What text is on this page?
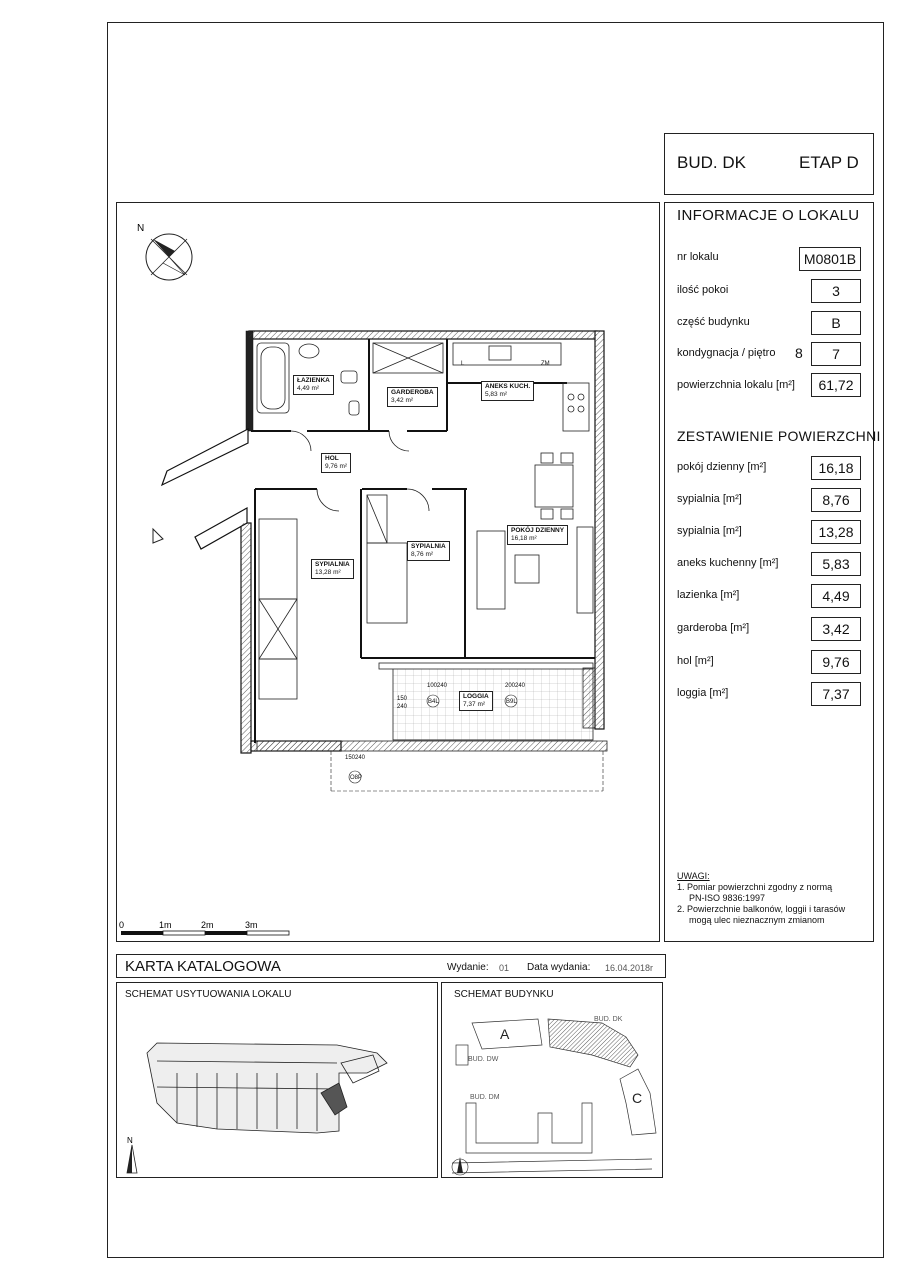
BUD. DK	ETAP D
N
B4L	B9L
O8P
150
240
100 240	200 240
150 240
L	ZM
0	1m	2m	3m
ŁAZIENKA
4,49 m²
GARDEROBA
3,42 m²
ANEKS KUCH.
5,83 m²
HOL
9,76 m²
POKÓJ DZIENNY
16,18 m²
SYPIALNIA
13,28 m²
SYPIALNIA
8,76 m²
LOGGIA
7,37 m²
INFORMACJE O LOKALU
nr lokalu	M0801B
ilość pokoi	3
część budynku	B
kondygnacja / piętro 8	7
powierzchnia lokalu [m²]	61,72
ZESTAWIENIE POWIERZCHNI
pokój dzienny [m²]	16,18
sypialnia [m²]	8,76
sypialnia [m²]	13,28
aneks kuchenny [m²]	5,83
lazienka [m²]	4,49
garderoba [m²]	3,42
hol [m²]	9,76
loggia [m²]	7,37
UWAGI:
1. Pomiar powierzchni zgodny z normą
PN-ISO 9836:1997
2. Powierzchnie balkonów, loggii i tarasów
mogą ulec nieznacznym zmianom
KARTA KATALOGOWA	Wydanie: 01 Data wydania: 16.04.2018r
SCHEMAT USYTUOWANIA LOKALU
N
SCHEMAT BUDYNKU
A
C
BUD. DK
BUD. DW
BUD. DM
